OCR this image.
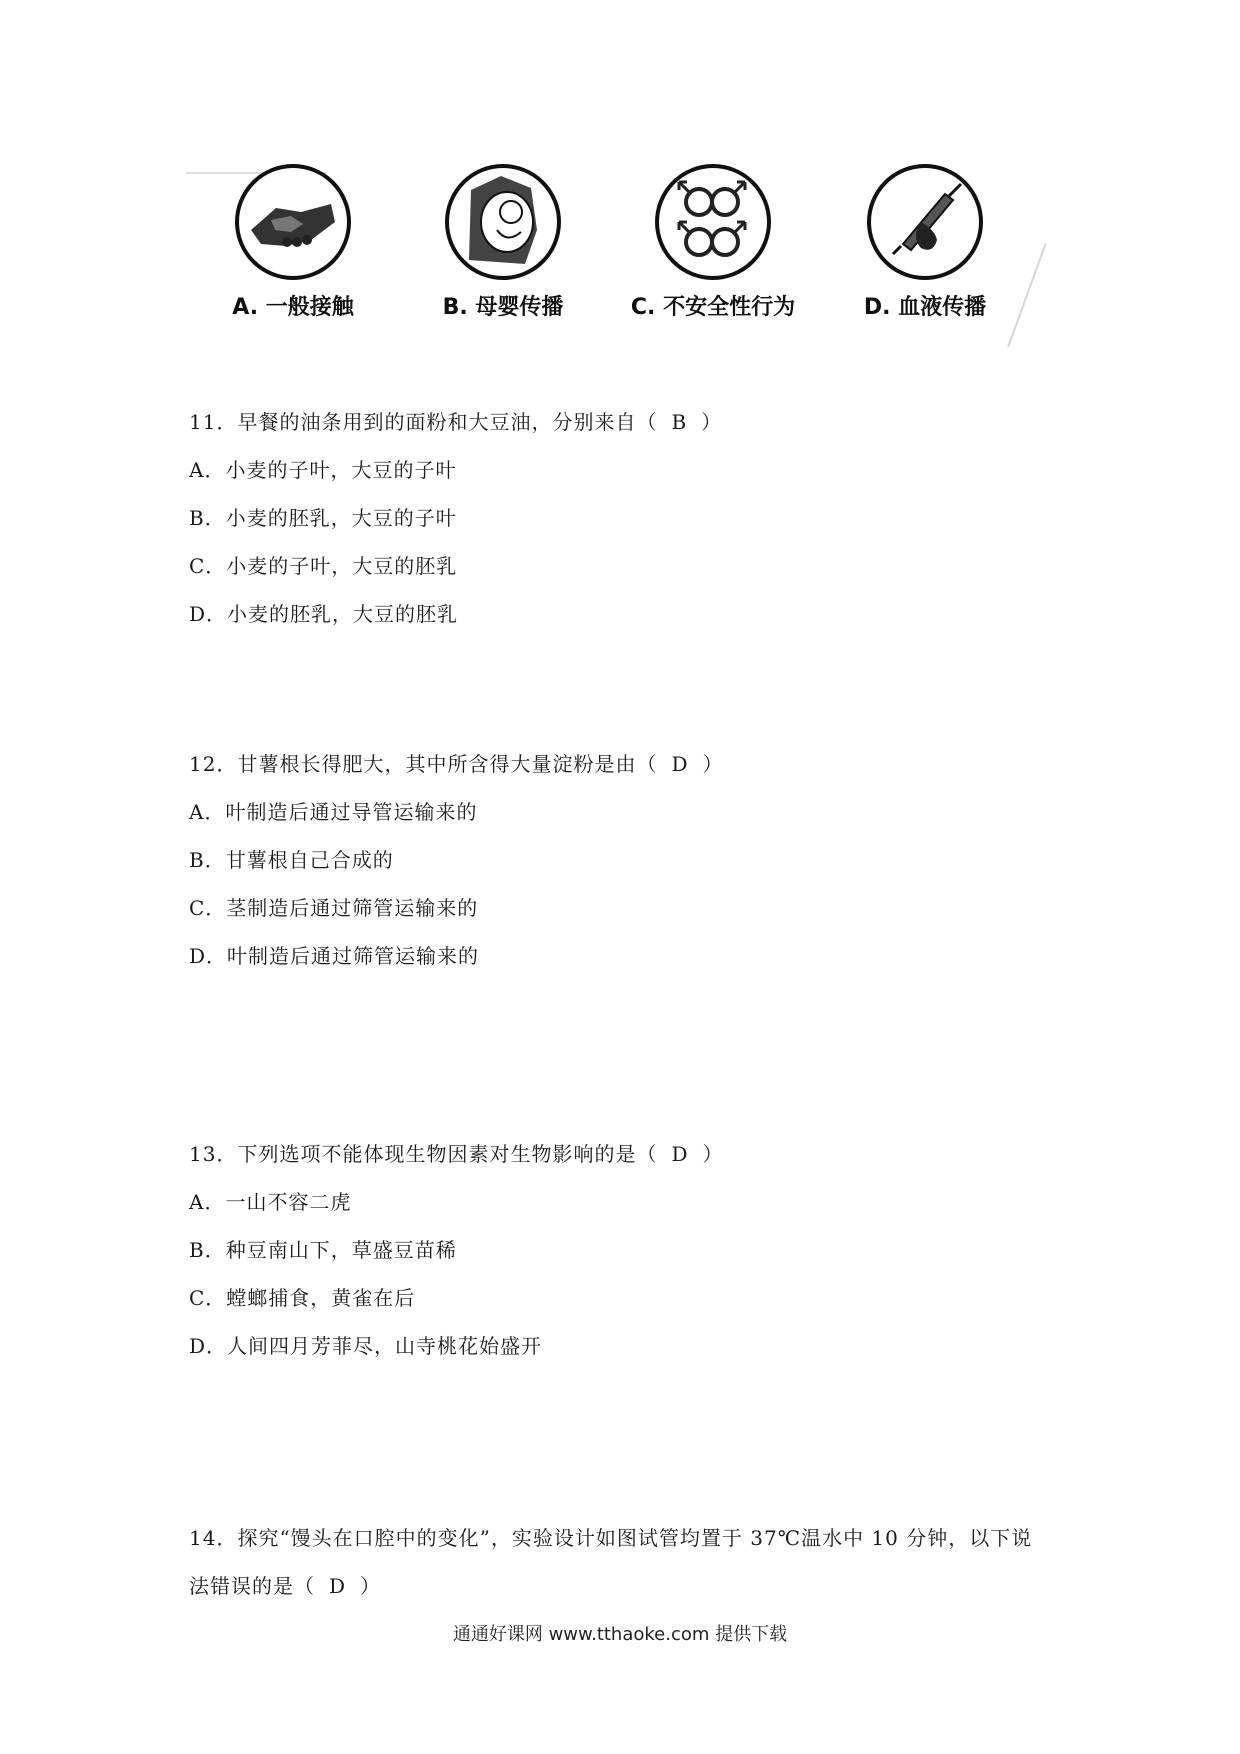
A. 一般接触	B. 母婴传播	C. 不安全性行为	D. 血液传播
11．早餐的油条用到的面粉和大豆油，分别来自（ B ）
A．小麦的子叶，大豆的子叶
B．小麦的胚乳，大豆的子叶
C．小麦的子叶，大豆的胚乳
D．小麦的胚乳，大豆的胚乳
12．甘薯根长得肥大，其中所含得大量淀粉是由（ D ）
A．叶制造后通过导管运输来的
B．甘薯根自己合成的
C．茎制造后通过筛管运输来的
D．叶制造后通过筛管运输来的
13．下列选项不能体现生物因素对生物影响的是（ D ）
A．一山不容二虎
B．种豆南山下，草盛豆苗稀
C．螳螂捕食，黄雀在后
D．人间四月芳菲尽，山寺桃花始盛开
14．探究“馒头在口腔中的变化”，实验设计如图试管均置于 37℃温水中 10 分钟，以下说
法错误的是（ D ）
通通好课网 www.tthaoke.com 提供下载
